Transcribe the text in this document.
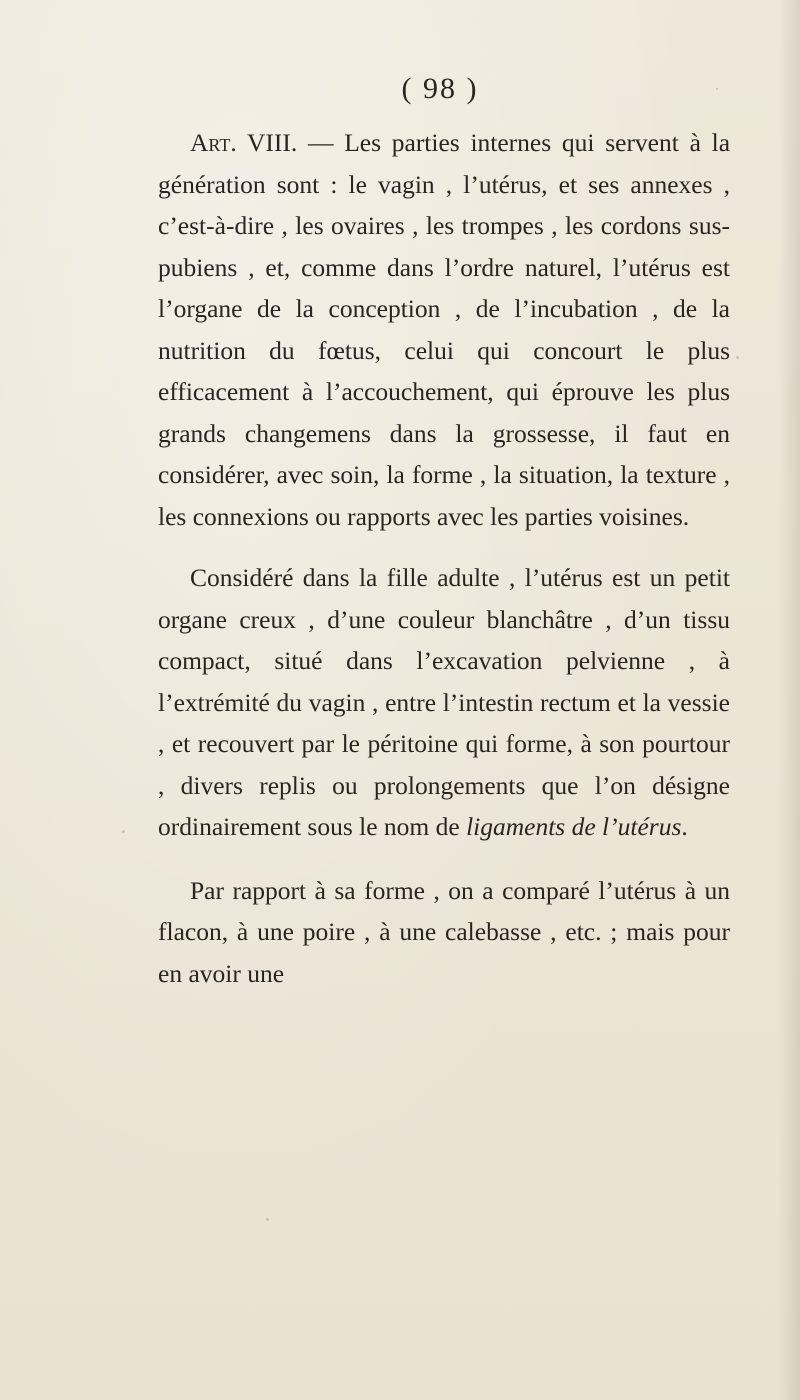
( 98 )

Art. VIII. — Les parties internes qui servent à la génération sont : le vagin , l’utérus, et ses annexes , c’est-à-dire , les ovaires , les trompes , les cordons sus-pubiens , et, comme dans l’ordre naturel, l’utérus est l’organe de la conception , de l’incubation , de la nutrition du fœtus, celui qui concourt le plus efficacement à l’accouchement, qui éprouve les plus grands changemens dans la grossesse, il faut en considérer, avec soin, la forme , la situation, la texture , les connexions ou rapports avec les parties voisines.

Considéré dans la fille adulte , l’utérus est un petit organe creux , d’une couleur blanchâtre , d’un tissu compact, situé dans l’excavation pelvienne , à l’extrémité du vagin , entre l’intestin rectum et la vessie , et recouvert par le péritoine qui forme, à son pourtour , divers replis ou prolongements que l’on désigne ordinairement sous le nom de ligaments de l’utérus.

Par rapport à sa forme , on a comparé l’utérus à un flacon, à une poire , à une calebasse , etc. ; mais pour en avoir une
